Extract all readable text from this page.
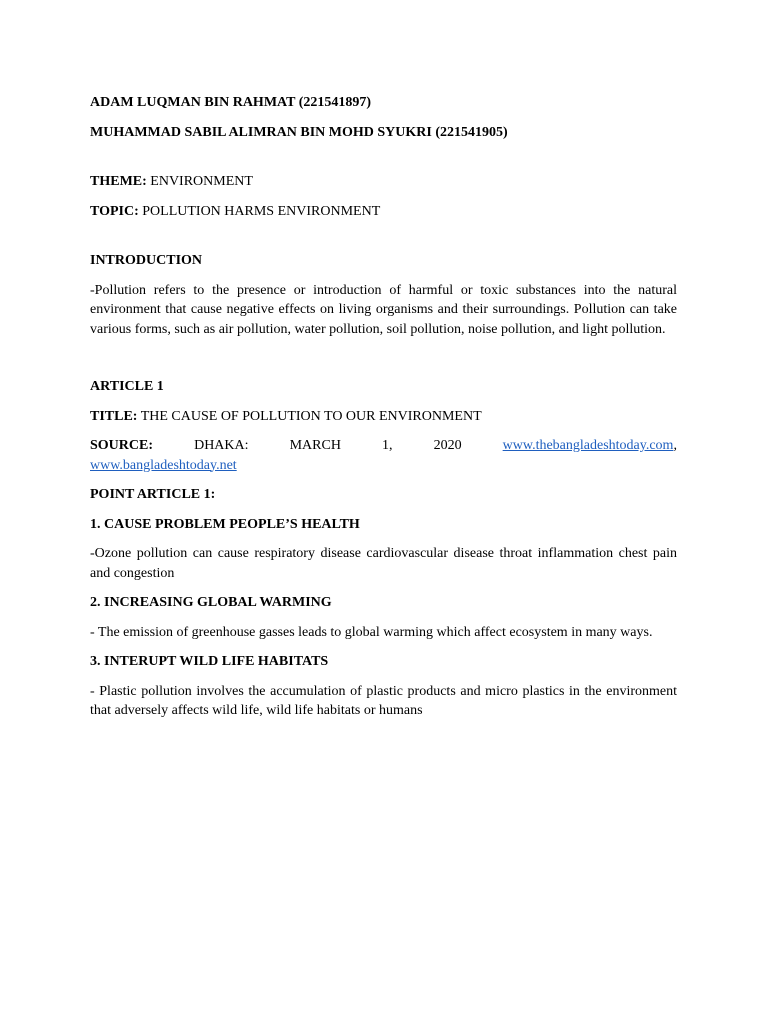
ADAM LUQMAN BIN RAHMAT (221541897)

MUHAMMAD SABIL ALIMRAN BIN MOHD SYUKRI (221541905)

THEME: ENVIRONMENT

TOPIC: POLLUTION HARMS ENVIRONMENT

INTRODUCTION

-Pollution refers to the presence or introduction of harmful or toxic substances into the natural environment that cause negative effects on living organisms and their surroundings. Pollution can take various forms, such as air pollution, water pollution, soil pollution, noise pollution, and light pollution.

ARTICLE 1

TITLE: THE CAUSE OF POLLUTION TO OUR ENVIRONMENT

SOURCE:	DHAKA:	MARCH	1,	2020	www.thebangladeshtoday.com,

www.bangladeshtoday.net

POINT ARTICLE 1:

1. CAUSE PROBLEM PEOPLE’S HEALTH

-Ozone pollution can cause respiratory disease cardiovascular disease throat inflammation chest pain and congestion

2. INCREASING GLOBAL WARMING

- The emission of greenhouse gasses leads to global warming which affect ecosystem in many ways.

3. INTERUPT WILD LIFE HABITATS

- Plastic pollution involves the accumulation of plastic products and micro plastics in the environment that adversely affects wild life, wild life habitats or humans
